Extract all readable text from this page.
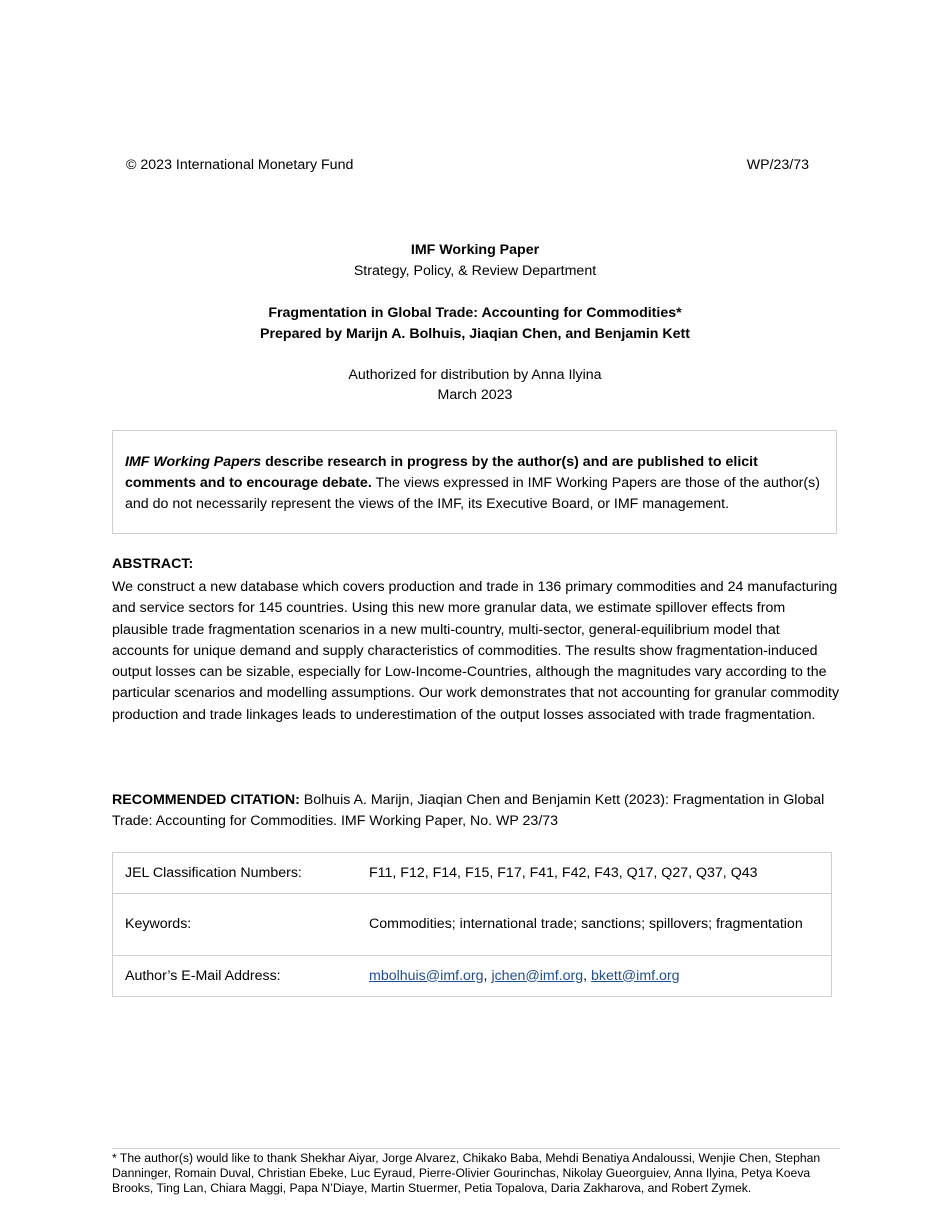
© 2023 International Monetary Fund	WP/23/73
IMF Working Paper
Strategy, Policy, & Review Department
Fragmentation in Global Trade: Accounting for Commodities*
Prepared by Marijn A. Bolhuis, Jiaqian Chen, and Benjamin Kett
Authorized for distribution by Anna Ilyina
March 2023
IMF Working Papers describe research in progress by the author(s) and are published to elicit comments and to encourage debate. The views expressed in IMF Working Papers are those of the author(s) and do not necessarily represent the views of the IMF, its Executive Board, or IMF management.
ABSTRACT:
We construct a new database which covers production and trade in 136 primary commodities and 24 manufacturing and service sectors for 145 countries. Using this new more granular data, we estimate spillover effects from plausible trade fragmentation scenarios in a new multi-country, multi-sector, general-equilibrium model that accounts for unique demand and supply characteristics of commodities. The results show fragmentation-induced output losses can be sizable, especially for Low-Income-Countries, although the magnitudes vary according to the particular scenarios and modelling assumptions. Our work demonstrates that not accounting for granular commodity production and trade linkages leads to underestimation of the output losses associated with trade fragmentation.
RECOMMENDED CITATION: Bolhuis A. Marijn, Jiaqian Chen and Benjamin Kett (2023): Fragmentation in Global Trade: Accounting for Commodities. IMF Working Paper, No. WP 23/73
JEL Classification Numbers:	F11, F12, F14, F15, F17, F41, F42, F43, Q17, Q27, Q37, Q43
Keywords:	Commodities; international trade; sanctions; spillovers; fragmentation
Author’s E-Mail Address:	mbolhuis@imf.org, jchen@imf.org, bkett@imf.org
* The author(s) would like to thank Shekhar Aiyar, Jorge Alvarez, Chikako Baba, Mehdi Benatiya Andaloussi, Wenjie Chen, Stephan Danninger, Romain Duval, Christian Ebeke, Luc Eyraud, Pierre-Olivier Gourinchas, Nikolay Gueorguiev, Anna Ilyina, Petya Koeva Brooks, Ting Lan, Chiara Maggi, Papa N’Diaye, Martin Stuermer, Petia Topalova, Daria Zakharova, and Robert Zymek.
